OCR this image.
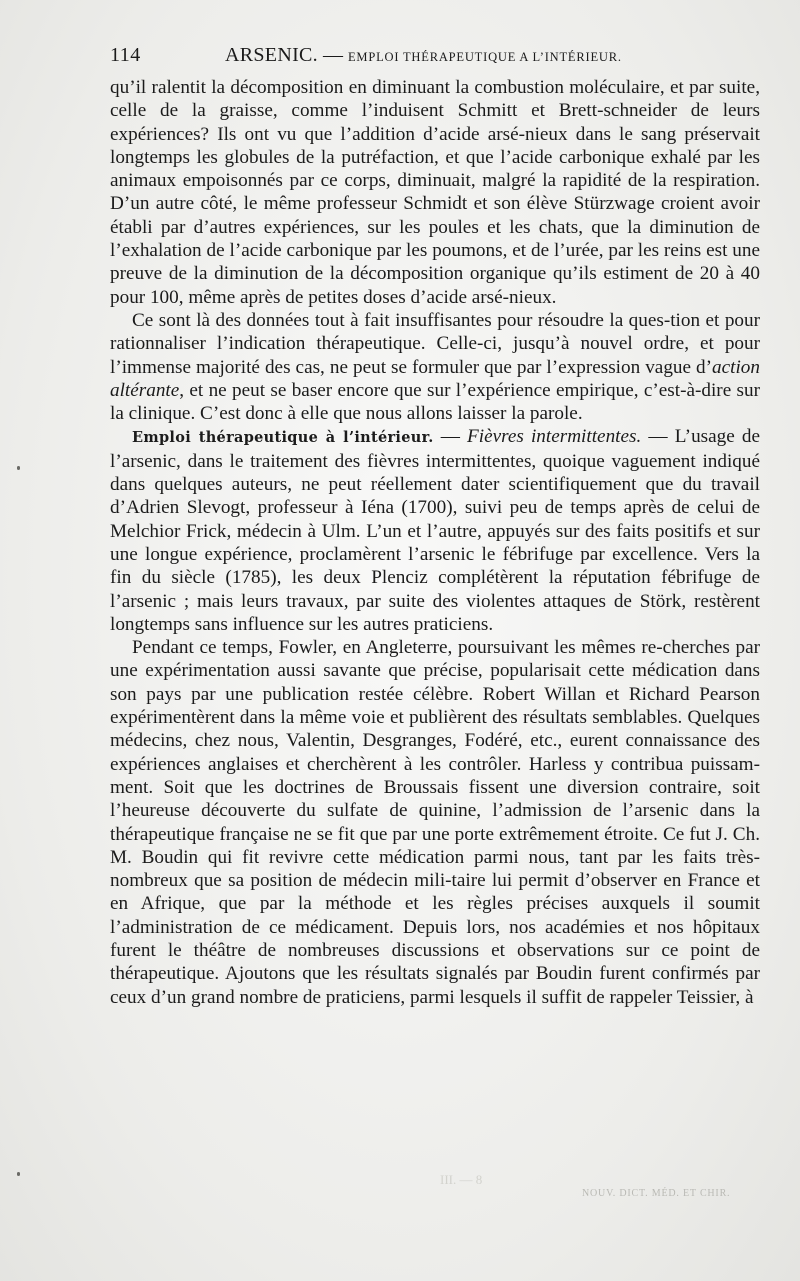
114	ARSENIC. — EMPLOI THÉRAPEUTIQUE A L’INTÉRIEUR.

qu’il ralentit la décomposition en diminuant la combustion moléculaire, et par suite, celle de la graisse, comme l’induisent Schmitt et Brett-schneider de leurs expériences? Ils ont vu que l’addition d’acide arsé-nieux dans le sang préservait longtemps les globules de la putréfaction, et que l’acide carbonique exhalé par les animaux empoisonnés par ce corps, diminuait, malgré la rapidité de la respiration. D’un autre côté, le même professeur Schmidt et son élève Stürzwage croient avoir établi par d’autres expériences, sur les poules et les chats, que la diminution de l’exhalation de l’acide carbonique par les poumons, et de l’urée, par les reins est une preuve de la diminution de la décomposition organique qu’ils estiment de 20 à 40 pour 100, même après de petites doses d’acide arsé-nieux.

Ce sont là des données tout à fait insuffisantes pour résoudre la ques-tion et pour rationnaliser l’indication thérapeutique. Celle-ci, jusqu’à nouvel ordre, et pour l’immense majorité des cas, ne peut se formuler que par l’expression vague d’action altérante, et ne peut se baser encore que sur l’expérience empirique, c’est-à-dire sur la clinique. C’est donc à elle que nous allons laisser la parole.

Emploi thérapeutique à l’intérieur. — Fièvres intermittentes. — L’usage de l’arsenic, dans le traitement des fièvres intermittentes, quoique vaguement indiqué dans quelques auteurs, ne peut réellement dater scientifiquement que du travail d’Adrien Slevogt, professeur à Iéna (1700), suivi peu de temps après de celui de Melchior Frick, médecin à Ulm. L’un et l’autre, appuyés sur des faits positifs et sur une longue expérience, proclamèrent l’arsenic le fébrifuge par excellence. Vers la fin du siècle (1785), les deux Plenciz complétèrent la réputation fébrifuge de l’arsenic ; mais leurs travaux, par suite des violentes attaques de Störk, restèrent longtemps sans influence sur les autres praticiens.

Pendant ce temps, Fowler, en Angleterre, poursuivant les mêmes re-cherches par une expérimentation aussi savante que précise, popularisait cette médication dans son pays par une publication restée célèbre. Robert Willan et Richard Pearson expérimentèrent dans la même voie et publièrent des résultats semblables. Quelques médecins, chez nous, Valentin, Desgranges, Fodéré, etc., eurent connaissance des expériences anglaises et cherchèrent à les contrôler. Harless y contribua puissam-ment. Soit que les doctrines de Broussais fissent une diversion contraire, soit l’heureuse découverte du sulfate de quinine, l’admission de l’arsenic dans la thérapeutique française ne se fit que par une porte extrêmement étroite. Ce fut J. Ch. M. Boudin qui fit revivre cette médication parmi nous, tant par les faits très-nombreux que sa position de médecin mili-taire lui permit d’observer en France et en Afrique, que par la méthode et les règles précises auxquels il soumit l’administration de ce médicament. Depuis lors, nos académies et nos hôpitaux furent le théâtre de nombreuses discussions et observations sur ce point de thérapeutique. Ajoutons que les résultats signalés par Boudin furent confirmés par ceux d’un grand nombre de praticiens, parmi lesquels il suffit de rappeler Teissier, à

III. — 8
NOUV. DICT. MÉD. ET CHIR.
